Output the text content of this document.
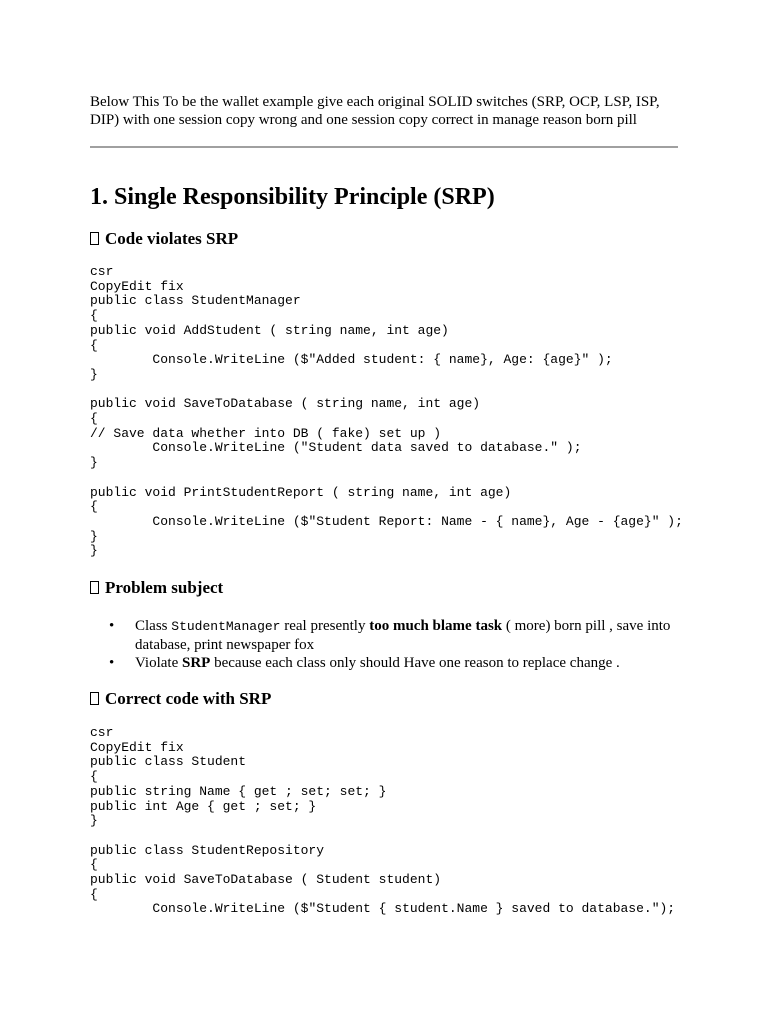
Below This To be the wallet example give each original SOLID switches (SRP, OCP, LSP, ISP, DIP) with one session copy wrong and one session copy correct in manage reason born pill

1. Single Responsibility Principle (SRP)
Code violates SRP
csr
CopyEdit fix
public class StudentManager
{
public void AddStudent ( string name, int age)
{
	Console.WriteLine ($"Added student: { name}, Age: {age}" );
}

public void SaveToDatabase ( string name, int age)
{
// Save data whether into DB ( fake) set up )
	Console.WriteLine ("Student data saved to database." );
}

public void PrintStudentReport ( string name, int age)
{
	Console.WriteLine ($"Student Report: Name - { name}, Age - {age}" );
}
}
Problem subject
• Class StudentManager real presently too much blame task ( more) born pill , save into database, print newspaper fox
• Violate SRP because each class only should Have one reason to replace change .
Correct code with SRP
csr
CopyEdit fix
public class Student
{
public string Name { get ; set; set; }
public int Age { get ; set; }
}

public class StudentRepository
{
public void SaveToDatabase ( Student student)
{
	Console.WriteLine ($"Student { student.Name } saved to database.");
